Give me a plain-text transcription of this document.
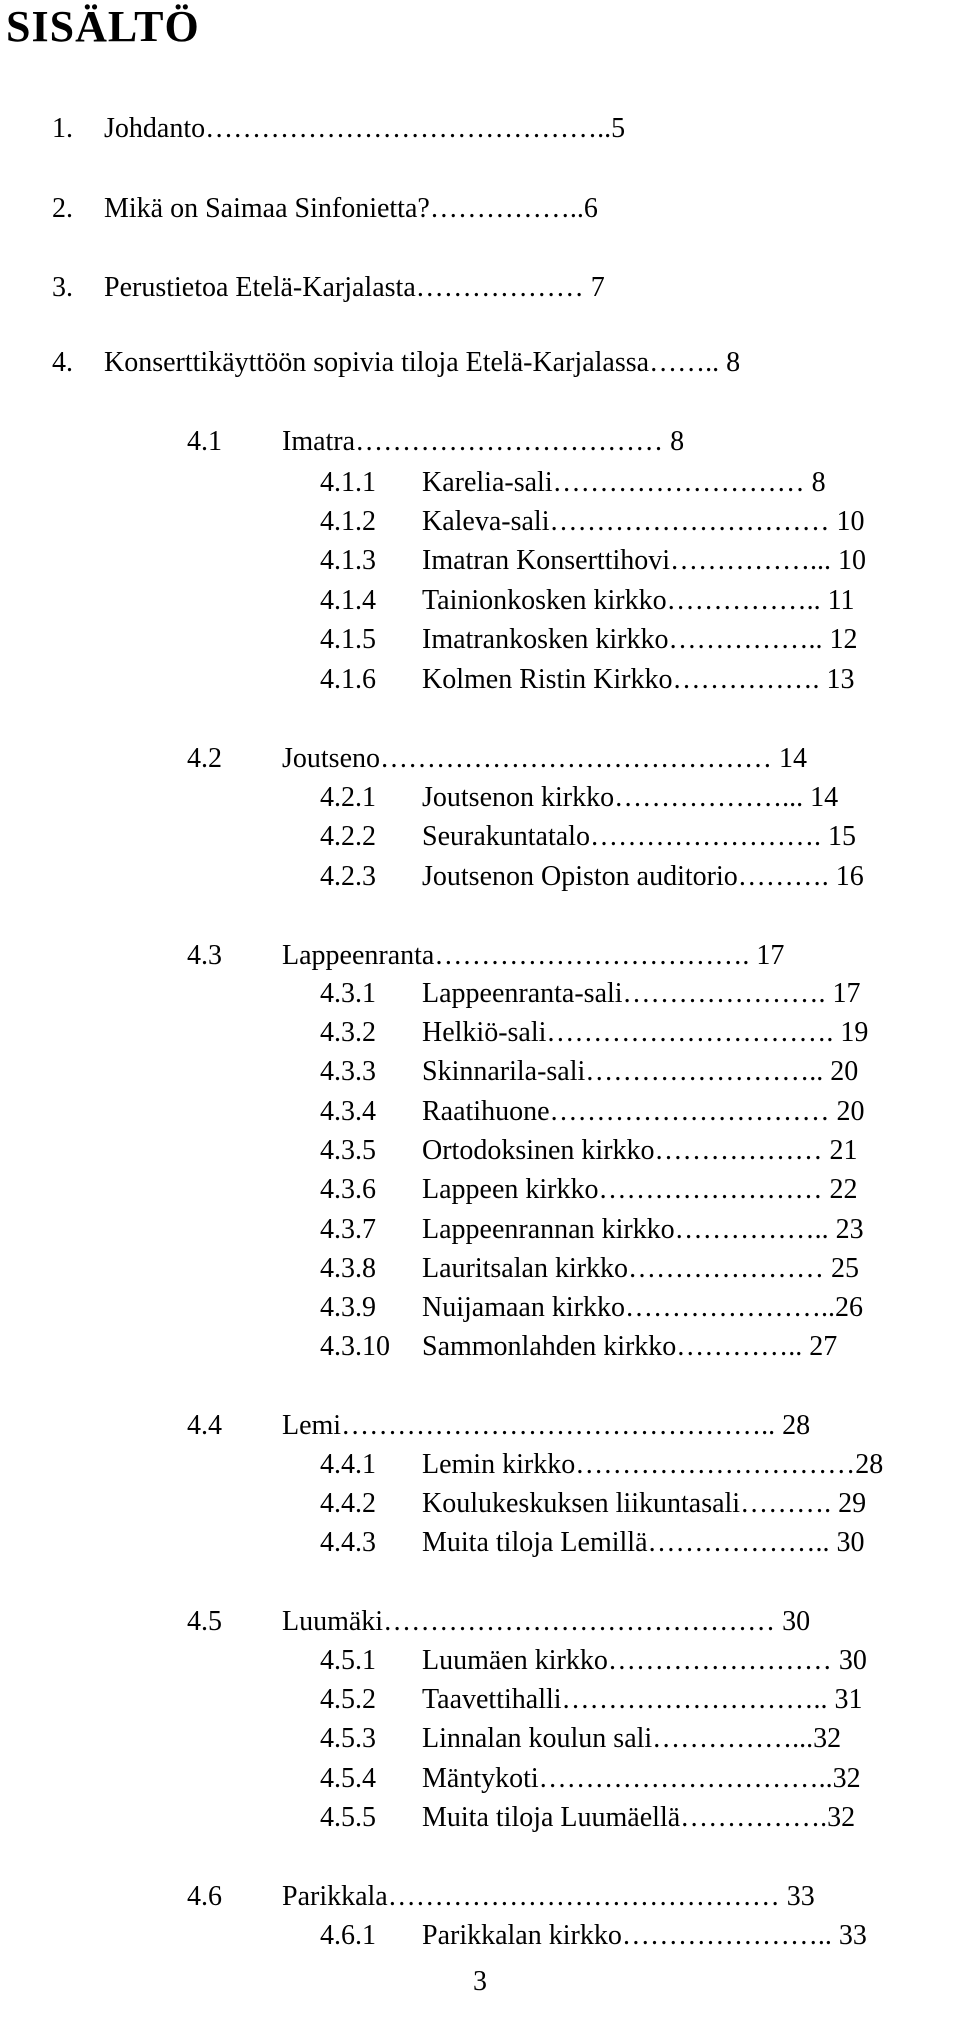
SISÄLTÖ
1. Johdanto……………………………………..5
2. Mikä on Saimaa Sinfonietta?……………..6
3. Perustietoa Etelä-Karjalasta……………… 7
4. Konserttikäyttöön sopivia tiloja Etelä-Karjalassa…….. 8
4.1 Imatra…………………………… 8
4.1.1 Karelia-sali……………………… 8
4.1.2 Kaleva-sali………………………… 10
4.1.3 Imatran Konserttihovi……………... 10
4.1.4 Tainionkosken kirkko…………….. 11
4.1.5 Imatrankosken kirkko…………….. 12
4.1.6 Kolmen Ristin Kirkko……………. 13
4.2 Joutseno…………………………………… 14
4.2.1 Joutsenon kirkko………………... 14
4.2.2 Seurakuntatalo……………………. 15
4.2.3 Joutsenon Opiston auditorio………. 16
4.3 Lappeenranta……………………………. 17
4.3.1 Lappeenranta-sali…………………. 17
4.3.2 Helkiö-sali…………………………. 19
4.3.3 Skinnarila-sali…………………….. 20
4.3.4 Raatihuone………………………… 20
4.3.5 Ortodoksinen kirkko……………… 21
4.3.6 Lappeen kirkko…………………… 22
4.3.7 Lappeenrannan kirkko…………….. 23
4.3.8 Lauritsalan kirkko………………… 25
4.3.9 Nuijamaan kirkko…………………..26
4.3.10 Sammonlahden kirkko………….. 27
4.4 Lemi……………………………………….. 28
4.4.1 Lemin kirkko…………………………28
4.4.2 Koulukeskuksen liikuntasali………. 29
4.4.3 Muita tiloja Lemillä……………….. 30
4.5 Luumäki…………………………………… 30
4.5.1 Luumäen kirkko…………………… 30
4.5.2 Taavettihalli……………………….. 31
4.5.3 Linnalan koulun sali……………...32
4.5.4 Mäntykoti…………………………..32
4.5.5 Muita tiloja Luumäellä…………….32
4.6 Parikkala…………………………………… 33
4.6.1 Parikkalan kirkko………………….. 33
3
